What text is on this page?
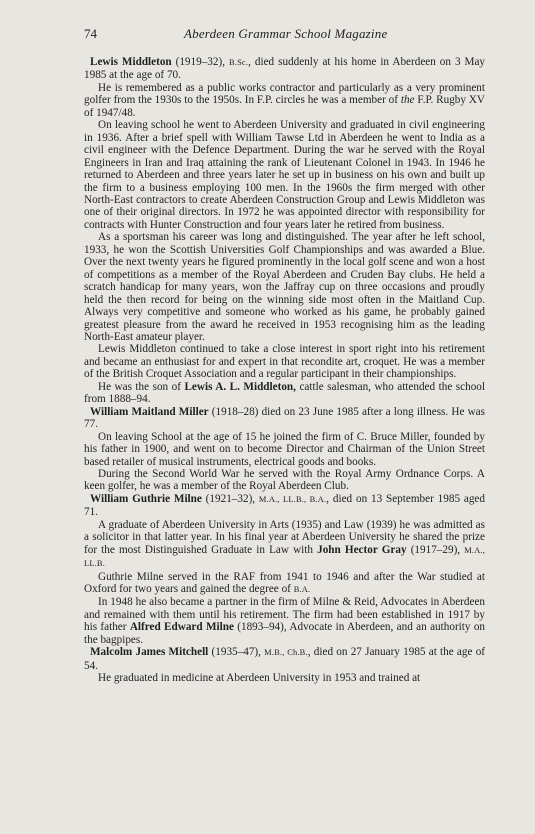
74	Aberdeen Grammar School Magazine

Lewis Middleton (1919–32), B.Sc., died suddenly at his home in Aberdeen on 3 May 1985 at the age of 70.

He is remembered as a public works contractor and particularly as a very prominent golfer from the 1930s to the 1950s. In F.P. circles he was a member of the F.P. Rugby XV of 1947/48.

On leaving school he went to Aberdeen University and graduated in civil engineering in 1936. After a brief spell with William Tawse Ltd in Aberdeen he went to India as a civil engineer with the Defence Department. During the war he served with the Royal Engineers in Iran and Iraq attaining the rank of Lieutenant Colonel in 1943. In 1946 he returned to Aberdeen and three years later he set up in business on his own and built up the firm to a business employing 100 men. In the 1960s the firm merged with other North-East contractors to create Aberdeen Construction Group and Lewis Middleton was one of their original directors. In 1972 he was appointed director with responsibility for contracts with Hunter Construction and four years later he retired from business.

As a sportsman his career was long and distinguished. The year after he left school, 1933, he won the Scottish Universities Golf Championships and was awarded a Blue. Over the next twenty years he figured prominently in the local golf scene and won a host of competitions as a member of the Royal Aberdeen and Cruden Bay clubs. He held a scratch handicap for many years, won the Jaffray cup on three occasions and proudly held the then record for being on the winning side most often in the Maitland Cup. Always very competitive and someone who worked as his game, he probably gained greatest pleasure from the award he received in 1953 recognising him as the leading North-East amateur player.

Lewis Middleton continued to take a close interest in sport right into his retirement and became an enthusiast for and expert in that recondite art, croquet. He was a member of the British Croquet Association and a regular participant in their championships.

He was the son of Lewis A. L. Middleton, cattle salesman, who attended the school from 1888–94.

William Maitland Miller (1918–28) died on 23 June 1985 after a long illness. He was 77.

On leaving School at the age of 15 he joined the firm of C. Bruce Miller, founded by his father in 1900, and went on to become Director and Chairman of the Union Street based retailer of musical instruments, electrical goods and books.

During the Second World War he served with the Royal Army Ordnance Corps. A keen golfer, he was a member of the Royal Aberdeen Club.

William Guthrie Milne (1921–32), M.A., LL.B., B.A., died on 13 September 1985 aged 71.

A graduate of Aberdeen University in Arts (1935) and Law (1939) he was admitted as a solicitor in that latter year. In his final year at Aberdeen University he shared the prize for the most Distinguished Graduate in Law with John Hector Gray (1917–29), M.A., LL.B.

Guthrie Milne served in the RAF from 1941 to 1946 and after the War studied at Oxford for two years and gained the degree of B.A.

In 1948 he also became a partner in the firm of Milne & Reid, Advocates in Aberdeen and remained with them until his retirement. The firm had been established in 1917 by his father Alfred Edward Milne (1893–94), Advocate in Aberdeen, and an authority on the bagpipes.

Malcolm James Mitchell (1935–47), M.B., Ch.B., died on 27 January 1985 at the age of 54.

He graduated in medicine at Aberdeen University in 1953 and trained at
